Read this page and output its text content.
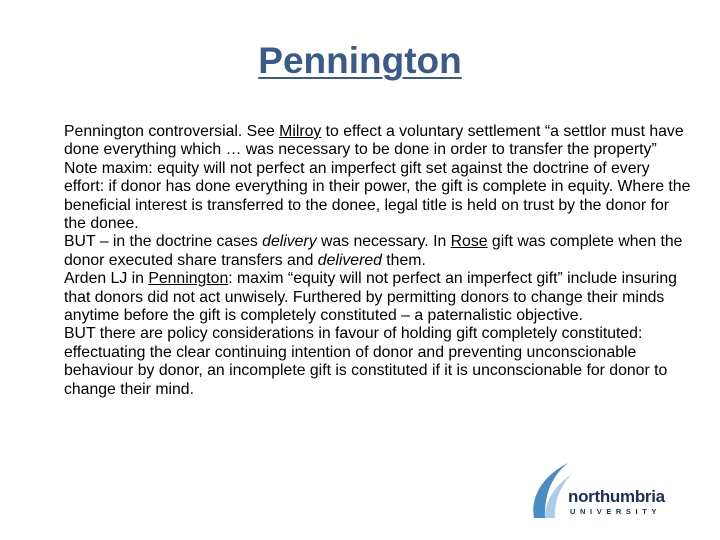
Pennington

Pennington controversial. See Milroy to effect a voluntary settlement “a settlor must have done everything which … was necessary to be done in order to transfer the property” Note maxim: equity will not perfect an imperfect gift set against the doctrine of every effort: if donor has done everything in their power, the gift is complete in equity. Where the beneficial interest is transferred to the donee, legal title is held on trust by the donor for the donee.

BUT – in the doctrine cases delivery was necessary. In Rose gift was complete when the donor executed share transfers and delivered them.

Arden LJ in Pennington: maxim “equity will not perfect an imperfect gift” include insuring that donors did not act unwisely. Furthered by permitting donors to change their minds anytime before the gift is completely constituted – a paternalistic objective.

BUT there are policy considerations in favour of holding gift completely constituted: effectuating the clear continuing intention of donor and preventing unconscionable behaviour by donor, an incomplete gift is constituted if it is unconscionable for donor to change their mind.

northumbria
UNIVERSITY
